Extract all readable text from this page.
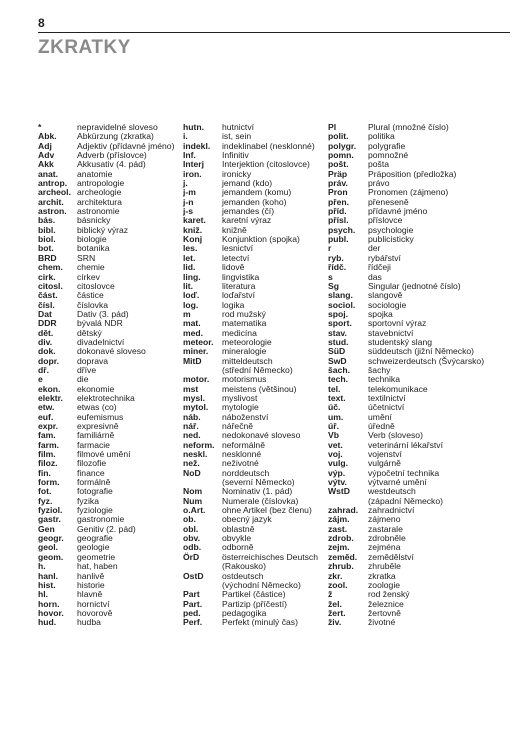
8
ZKRATKY
*	nepravidelné sloveso
Abk.	Abkürzung (zkratka)
Adj	Adjektiv (přídavné jméno)
Adv	Adverb (příslovce)
Akk	Akkusativ (4. pád)
anat.	anatomie
antrop.	antropologie
archeol. archeologie
archit.	architektura
astron.	astronomie
bás.	básnicky
bibl.	biblický výraz
biol.	biologie
bot.	botanika
BRD	SRN
chem.	chemie
cirk.	církev
citosl.	citoslovce
část.	částice
čísl.	číslovka
Dat	Dativ (3. pád)
DDR	bývalá NDR
dět.	dětský
div.	divadelnictví
dok.	dokonavé sloveso
dopr.	doprava
dř.	dříve
e	die
ekon.	ekonomie
elektr.	elektrotechnika
etw.	etwas (co)
euf.	eufemismus
expr.	expresivně
fam.	familiárně
farm.	farmacie
film.	filmové umění
filoz.	filozofie
fin.	finance
form.	formálně
fot.	fotografie
fyz.	fyzika
fyziol.	fyziologie
gastr.	gastronomie
Gen	Genitiv (2. pád)
geogr.	geografie
geol.	geologie
geom.	geometrie
h.	hat, haben
hanl.	hanlivě
hist.	historie
hl.	hlavně
horn.	hornictví
hovor.	hovorově
hud.	hudba
hutn.	hutnictví
i.	ist, sein
indekl.	indeklinabel (nesklonné)
Inf.	Infinitiv
Interj	Interjektion (citoslovce)
iron.	ironicky
j.	jemand (kdo)
j-m	jemandem (komu)
j-n	jemanden (koho)
j-s	jemandes (čí)
karet.	karetní výraz
kniž.	knižně
Konj	Konjunktion (spojka)
les.	lesnictví
let.	letectví
lid.	lidově
ling.	lingvistika
lit.	literatura
loď.	loďařství
log.	logika
m	rod mužský
mat.	matematika
med.	medicína
meteor. meteorologie
miner.	mineralogie
MitD	mitteldeutsch
(střední Německo)
motor.	motorismus
mst	meistens (většinou)
mysl.	myslivost
mytol.	mytologie
náb.	náboženství
nář.	nářečně
ned.	nedokonavé sloveso
neform. neformálně
neskl.	nesklonné
než.	neživotné
NoD	norddeutsch
(severní Německo)
Nom	Nominativ (1. pád)
Num	Numerale (číslovka)
o.Art.	ohne Artikel (bez členu)
ob.	obecný jazyk
obl.	oblastně
obv.	obvykle
odb.	odborně
ÖrD	österreichisches Deutsch
(Rakousko)
OstD	ostdeutsch
(východní Německo)
Part	Partikel (částice)
Part.	Partizip (příčestí)
ped.	pedagogika
Perf.	Perfekt (minulý čas)
Pl	Plural (množné číslo)
polit.	politika
polygr.	polygrafie
pomn.	pomnožné
pošt.	pošta
Präp	Präposition (předložka)
práv.	právo
Pron	Pronomen (zájmeno)
přen.	přeneseně
příd.	přídavné jméno
přísl.	příslovce
psych.	psychologie
publ.	publicisticky
r	der
ryb.	rybářství
řídč.	řídčeji
s	das
Sg	Singular (jednotné číslo)
slang.	slangově
sociol.	sociologie
spoj.	spojka
sport.	sportovní výraz
stav.	stavebnictví
stud.	studentský slang
SüD	süddeutsch (jižní Německo)
SwD	schweizerdeutsch (Švýcarsko)
šach.	šachy
tech.	technika
tel.	telekomunikace
text.	textilnictví
úč.	účetnictví
um.	umění
úř.	úředně
Vb	Verb (sloveso)
vet.	veterinární lékařství
voj.	vojenství
vulg.	vulgárně
výp.	výpočetní technika
výtv.	výtvarné umění
WstD	westdeutsch
(západní Německo)
zahrad.	zahradnictví
zájm.	zájmeno
zast.	zastarale
zdrob.	zdrobněle
zejm.	zejména
zeměd.	zemědělství
zhrub.	zhruběle
zkr.	zkratka
zool.	zoologie
ž	rod ženský
žel.	železnice
žert.	žertovně
živ.	životné
